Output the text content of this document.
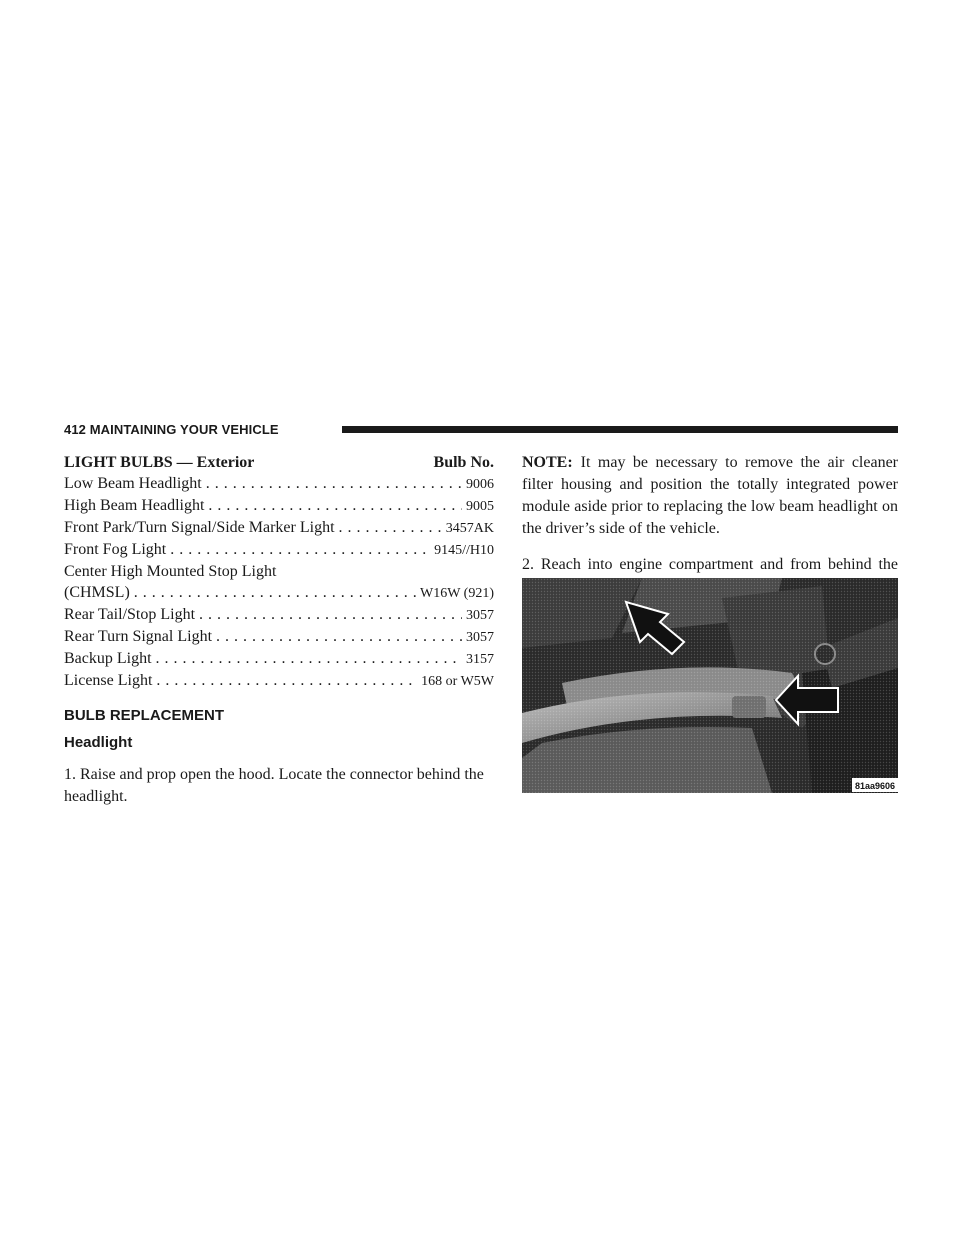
412 MAINTAINING YOUR VEHICLE
LIGHT BULBS — Exterior	Bulb No.
Low Beam Headlight . . .	9006
High Beam Headlight . . .	9005
Front Park/Turn Signal/Side Marker Light . . .	3457AK
Front Fog Light . . .	9145//H10
Center High Mounted Stop Light
(CHMSL) . . .	W16W (921)
Rear Tail/Stop Light . . .	3057
Rear Turn Signal Light . . .	3057
Backup Light . . .	3157
License Light . . .	168 or W5W
BULB REPLACEMENT
Headlight

1. Raise and prop open the hood. Locate the connector behind the headlight.

NOTE: It may be necessary to remove the air cleaner filter housing and position the totally integrated power module aside prior to replacing the low beam headlight on the driver’s side of the vehicle.

2. Reach into engine compartment and from behind the

81aa9606
